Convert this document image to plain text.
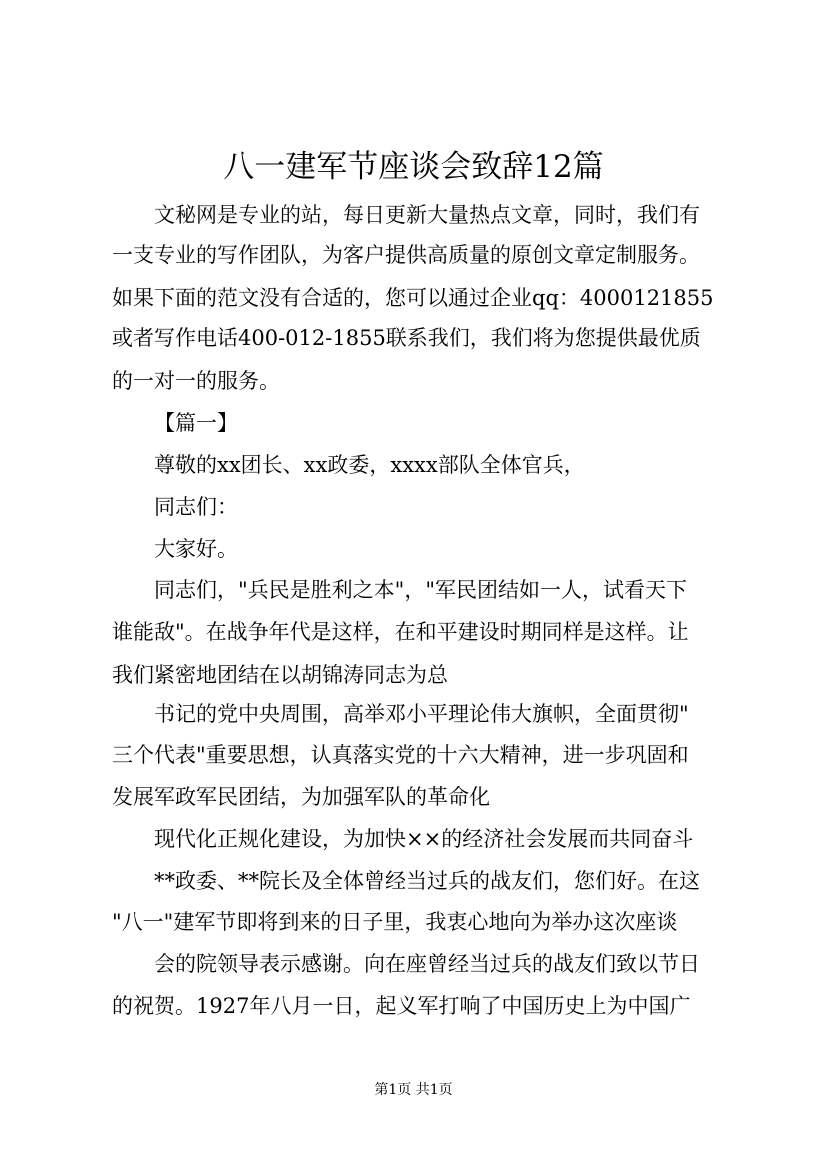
八一建军节座谈会致辞12篇
文秘网是专业的站，每日更新大量热点文章，同时，我们有
一支专业的写作团队，为客户提供高质量的原创文章定制服务。
如果下面的范文没有合适的，您可以通过企业qq：4000121855
或者写作电话400-012-1855联系我们，我们将为您提供最优质
的一对一的服务。
【篇一】
尊敬的xx团长、xx政委，xxxx部队全体官兵，
同志们：
大家好。
同志们，"兵民是胜利之本"，"军民团结如一人，试看天下
谁能敌"。在战争年代是这样，在和平建设时期同样是这样。让
我们紧密地团结在以胡锦涛同志为总
书记的党中央周围，高举邓小平理论伟大旗帜，全面贯彻"
三个代表"重要思想，认真落实党的十六大精神，进一步巩固和
发展军政军民团结，为加强军队的革命化
现代化正规化建设，为加快××的经济社会发展而共同奋斗
**政委、**院长及全体曾经当过兵的战友们，您们好。在这
"八一"建军节即将到来的日子里，我衷心地向为举办这次座谈
会的院领导表示感谢。向在座曾经当过兵的战友们致以节日
的祝贺。1927年八月一日，起义军打响了中国历史上为中国广
第1页 共1页
